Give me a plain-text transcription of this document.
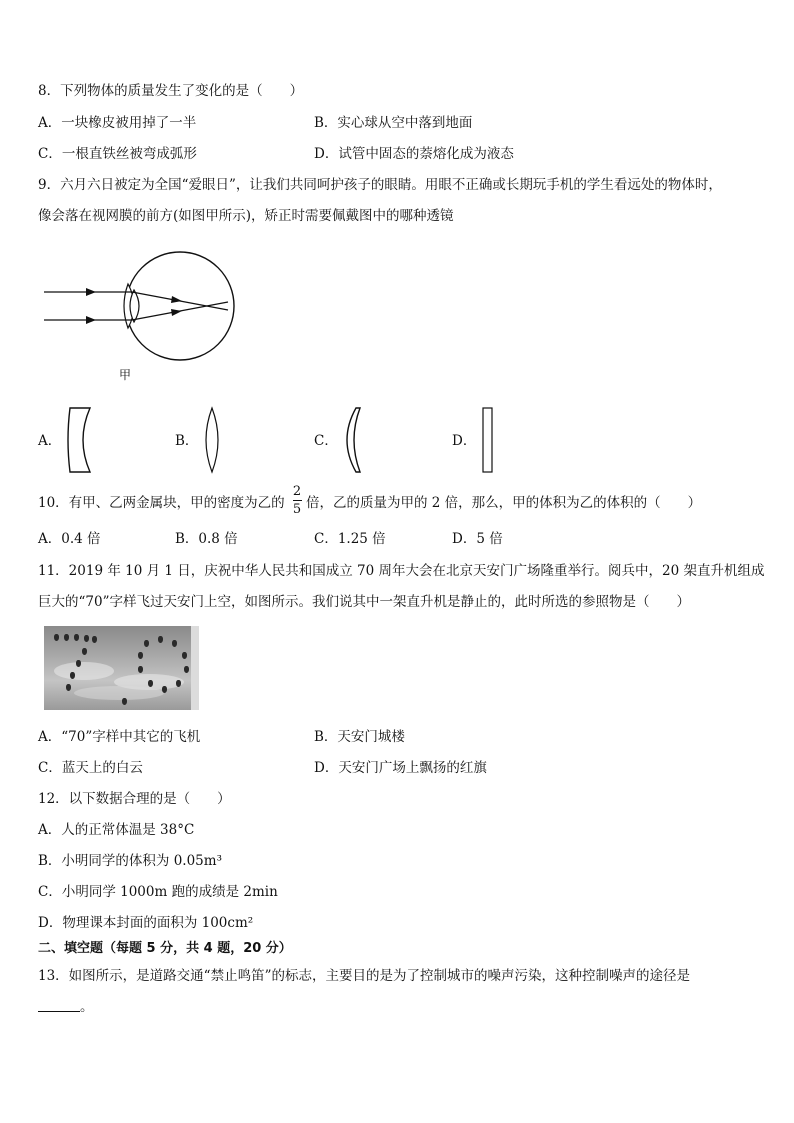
8．下列物体的质量发生了变化的是（　　）
A．一块橡皮被用掉了一半	B．实心球从空中落到地面
C．一根直铁丝被弯成弧形	D．试管中固态的萘熔化成为液态
9．六月六日被定为全国“爱眼日”，让我们共同呵护孩子的眼睛。用眼不正确或长期玩手机的学生看远处的物体时，
像会落在视网膜的前方(如图甲所示)，矫正时需要佩戴图中的哪种透镜
甲
A．	B．	C．	D．
10．有甲、乙两金属块，甲的密度为乙的
2
5 倍，乙的质量为甲的 2 倍，那么，甲的体积为乙的体积的（　　）
A．0.4 倍	B．0.8 倍	C．1.25 倍	D．5 倍
11．2019 年 10 月 1 日，庆祝中华人民共和国成立 70 周年大会在北京天安门广场隆重举行。阅兵中，20 架直升机组成
巨大的“70”字样飞过天安门上空，如图所示。我们说其中一架直升机是静止的，此时所选的参照物是（　　）
A．“70”字样中其它的飞机	B．天安门城楼
C．蓝天上的白云	D．天安门广场上飘扬的红旗
12．以下数据合理的是（　　）
A．人的正常体温是 38°C
B．小明同学的体积为 0.05m³
C．小明同学 1000m 跑的成绩是 2min
D．物理课本封面的面积为 100cm²
二、填空题（每题 5 分，共 4 题，20 分）
13．如图所示，是道路交通“禁止鸣笛”的标志，主要目的是为了控制城市的噪声污染，这种控制噪声的途径是
。
